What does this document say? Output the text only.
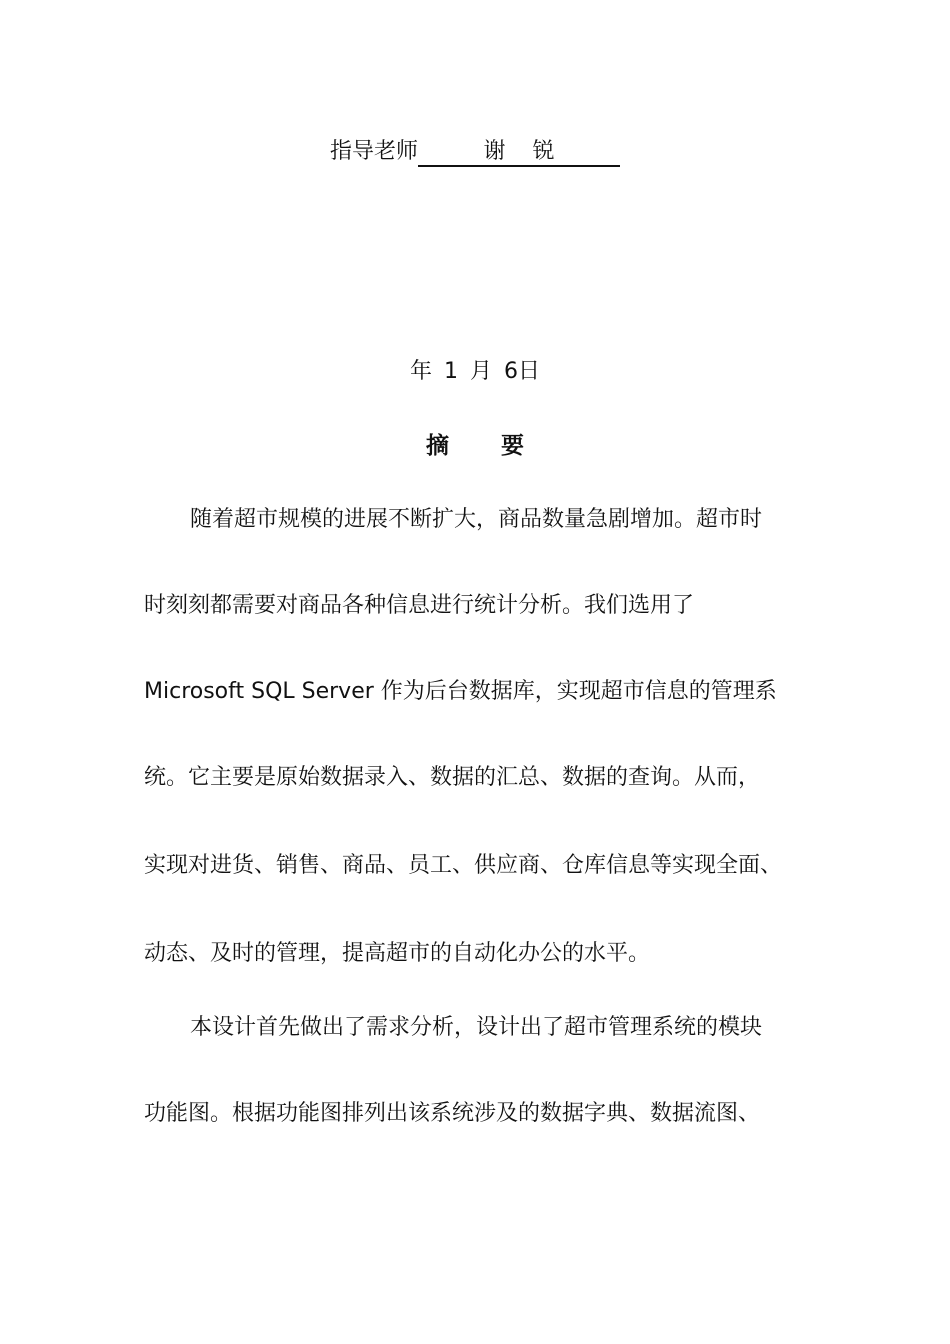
指导老师	谢 锐
年 1 月 6日
摘 要
随着超市规模的进展不断扩大，商品数量急剧增加。超市时
时刻刻都需要对商品各种信息进行统计分析。我们选用了
Microsoft SQL Server 作为后台数据库，实现超市信息的管理系
统。它主要是原始数据录入、数据的汇总、数据的查询。从而，
实现对进货、销售、商品、员工、供应商、仓库信息等实现全面、
动态、及时的管理，提高超市的自动化办公的水平。
本设计首先做出了需求分析，设计出了超市管理系统的模块
功能图。根据功能图排列出该系统涉及的数据字典、数据流图、
